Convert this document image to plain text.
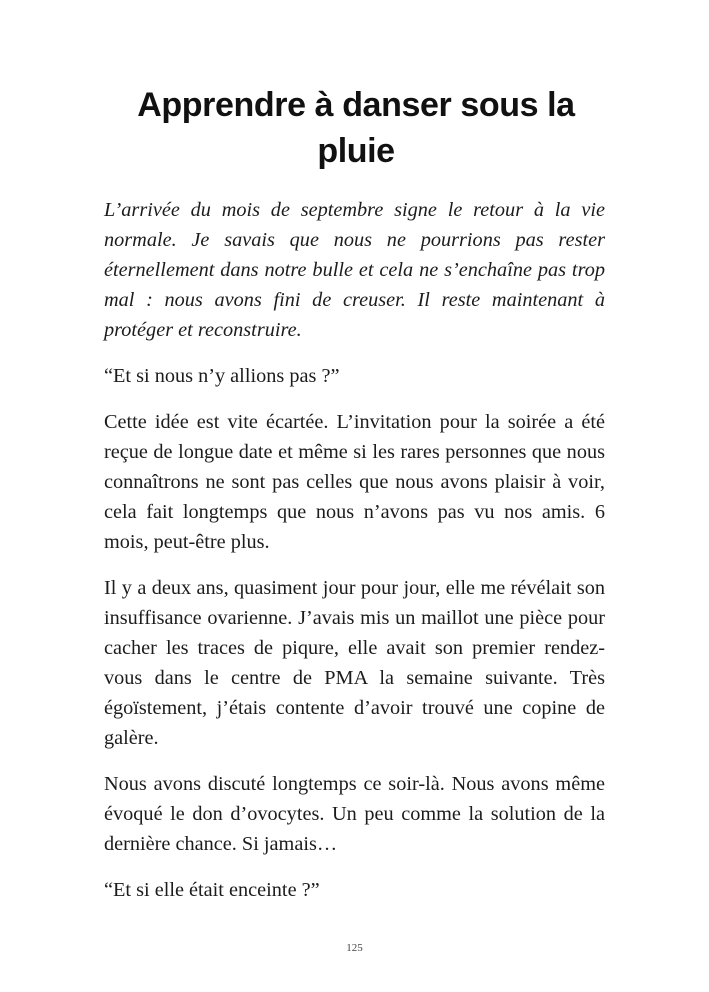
Apprendre à danser sous la pluie

L’arrivée du mois de septembre signe le retour à la vie normale. Je savais que nous ne pourrions pas rester éternellement dans notre bulle et cela ne s’enchaîne pas trop mal : nous avons fini de creuser. Il reste maintenant à protéger et reconstruire.

“Et si nous n’y allions pas ?”

Cette idée est vite écartée. L’invitation pour la soirée a été reçue de longue date et même si les rares personnes que nous connaîtrons ne sont pas celles que nous avons plaisir à voir, cela fait longtemps que nous n’avons pas vu nos amis. 6 mois, peut-être plus.

Il y a deux ans, quasiment jour pour jour, elle me révélait son insuffisance ovarienne. J’avais mis un maillot une pièce pour cacher les traces de piqure, elle avait son premier rendez-vous dans le centre de PMA la semaine suivante. Très égoïstement, j’étais contente d’avoir trouvé une copine de galère.

Nous avons discuté longtemps ce soir-là. Nous avons même évoqué le don d’ovocytes. Un peu comme la solution de la dernière chance. Si jamais…

“Et si elle était enceinte ?”

125
